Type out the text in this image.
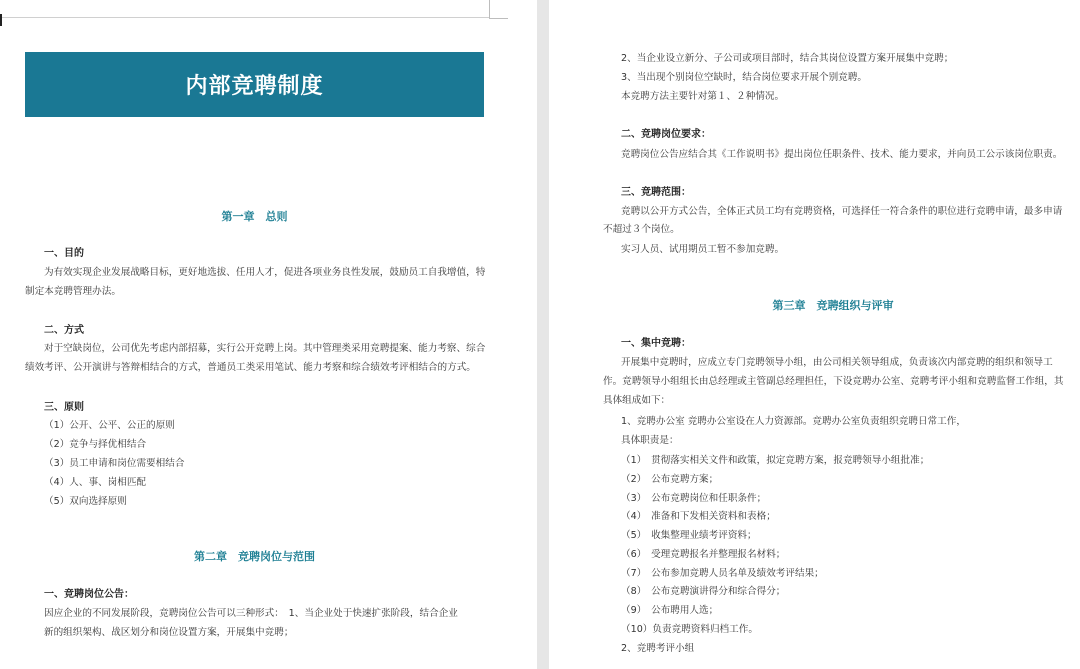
内部竞聘制度
第一章　总则
一、目的
为有效实现企业发展战略目标，更好地选拔、任用人才，促进各项业务良性发展，鼓励员工自我增值，特
制定本竞聘管理办法。
二、方式
对于空缺岗位，公司优先考虑内部招募，实行公开竞聘上岗。其中管理类采用竞聘提案、能力考察、综合
绩效考评、公开演讲与答辩相结合的方式，普通员工类采用笔试、能力考察和综合绩效考评相结合的方式。
三、原则
（1）公开、公平、公正的原则
（2）竞争与择优相结合
（3）员工申请和岗位需要相结合
（4）人、事、岗相匹配
（5）双向选择原则
第二章　竞聘岗位与范围
一、竞聘岗位公告：
因应企业的不同发展阶段，竞聘岗位公告可以三种形式：　1、当企业处于快速扩张阶段，结合企业
新的组织架构、战区划分和岗位设置方案，开展集中竞聘；
2、当企业设立新分、子公司或项目部时，结合其岗位设置方案开展集中竞聘；
3、当出现个别岗位空缺时，结合岗位要求开展个别竞聘。
本竞聘方法主要针对第１、２种情况。
二、竞聘岗位要求：
竞聘岗位公告应结合其《工作说明书》提出岗位任职条件、技术、能力要求，并向员工公示该岗位职责。
三、竞聘范围：
竞聘以公开方式公告，全体正式员工均有竞聘资格，可选择任一符合条件的职位进行竞聘申请，最多申请
不超过３个岗位。
实习人员、试用期员工暂不参加竞聘。
第三章　竞聘组织与评审
一、集中竞聘：
开展集中竞聘时，应成立专门竞聘领导小组，由公司相关领导组成，负责该次内部竞聘的组织和领导工
作。竞聘领导小组组长由总经理或主管副总经理担任，下设竞聘办公室、竞聘考评小组和竞聘监督工作组，其
具体组成如下：
1、竞聘办公室 竞聘办公室设在人力资源部。竞聘办公室负责组织竞聘日常工作，
具体职责是：
（1）　贯彻落实相关文件和政策，拟定竞聘方案，报竞聘领导小组批准；
（2）　公布竞聘方案；
（3）　公布竞聘岗位和任职条件；
（4）　准备和下发相关资料和表格；
（5）　收集整理业绩考评资料；
（6）　受理竞聘报名并整理报名材料；
（7）　公布参加竞聘人员名单及绩效考评结果；
（8）　公布竞聘演讲得分和综合得分；
（9）　公布聘用人选；
（10）负责竞聘资料归档工作。
2、竞聘考评小组
